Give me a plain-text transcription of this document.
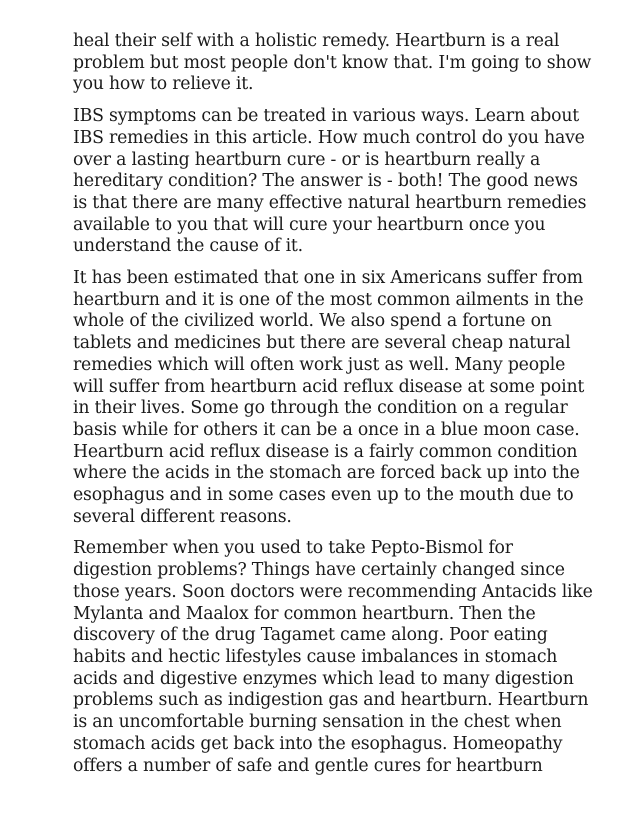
heal their self with a holistic remedy. Heartburn is a real
problem but most people don't know that. I'm going to show
you how to relieve it.
IBS symptoms can be treated in various ways. Learn about
IBS remedies in this article. How much control do you have
over a lasting heartburn cure - or is heartburn really a
hereditary condition? The answer is - both! The good news
is that there are many effective natural heartburn remedies
available to you that will cure your heartburn once you
understand the cause of it.
It has been estimated that one in six Americans suffer from
heartburn and it is one of the most common ailments in the
whole of the civilized world. We also spend a fortune on
tablets and medicines but there are several cheap natural
remedies which will often work just as well. Many people
will suffer from heartburn acid reflux disease at some point
in their lives. Some go through the condition on a regular
basis while for others it can be a once in a blue moon case.
Heartburn acid reflux disease is a fairly common condition
where the acids in the stomach are forced back up into the
esophagus and in some cases even up to the mouth due to
several different reasons.
Remember when you used to take Pepto-Bismol for
digestion problems? Things have certainly changed since
those years. Soon doctors were recommending Antacids like
Mylanta and Maalox for common heartburn. Then the
discovery of the drug Tagamet came along. Poor eating
habits and hectic lifestyles cause imbalances in stomach
acids and digestive enzymes which lead to many digestion
problems such as indigestion gas and heartburn. Heartburn
is an uncomfortable burning sensation in the chest when
stomach acids get back into the esophagus. Homeopathy
offers a number of safe and gentle cures for heartburn
